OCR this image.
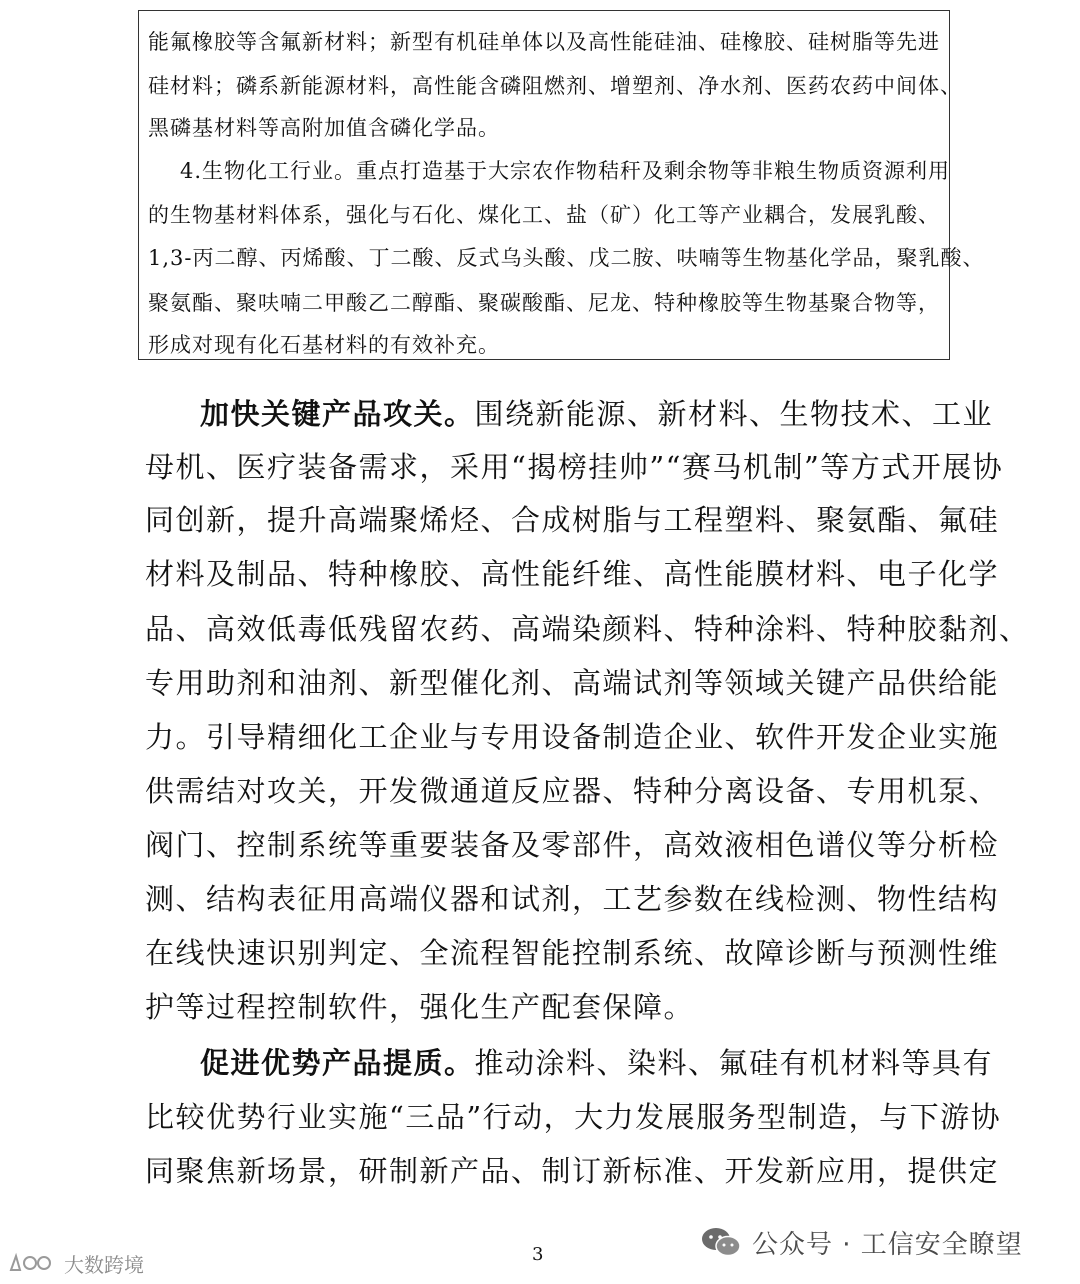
能氟橡胶等含氟新材料；新型有机硅单体以及高性能硅油、硅橡胶、硅树脂等先进
硅材料；磷系新能源材料，高性能含磷阻燃剂、增塑剂、净水剂、医药农药中间体、
黑磷基材料等高附加值含磷化学品。
4.生物化工行业。重点打造基于大宗农作物秸秆及剩余物等非粮生物质资源利用
的生物基材料体系，强化与石化、煤化工、盐（矿）化工等产业耦合，发展乳酸、
1,3-丙二醇、丙烯酸、丁二酸、反式乌头酸、戊二胺、呋喃等生物基化学品，聚乳酸、
聚氨酯、聚呋喃二甲酸乙二醇酯、聚碳酸酯、尼龙、特种橡胶等生物基聚合物等，
形成对现有化石基材料的有效补充。
加快关键产品攻关。围绕新能源、新材料、生物技术、工业
母机、医疗装备需求，采用“揭榜挂帅”“赛马机制”等方式开展协
同创新，提升高端聚烯烃、合成树脂与工程塑料、聚氨酯、氟硅
材料及制品、特种橡胶、高性能纤维、高性能膜材料、电子化学
品、高效低毒低残留农药、高端染颜料、特种涂料、特种胶黏剂、
专用助剂和油剂、新型催化剂、高端试剂等领域关键产品供给能
力。引导精细化工企业与专用设备制造企业、软件开发企业实施
供需结对攻关，开发微通道反应器、特种分离设备、专用机泵、
阀门、控制系统等重要装备及零部件，高效液相色谱仪等分析检
测、结构表征用高端仪器和试剂，工艺参数在线检测、物性结构
在线快速识别判定、全流程智能控制系统、故障诊断与预测性维
护等过程控制软件，强化生产配套保障。
促进优势产品提质。推动涂料、染料、氟硅有机材料等具有
比较优势行业实施“三品”行动，大力发展服务型制造，与下游协
同聚焦新场景，研制新产品、制订新标准、开发新应用，提供定
3	公众号 · 工信安全瞭望
大数跨境
